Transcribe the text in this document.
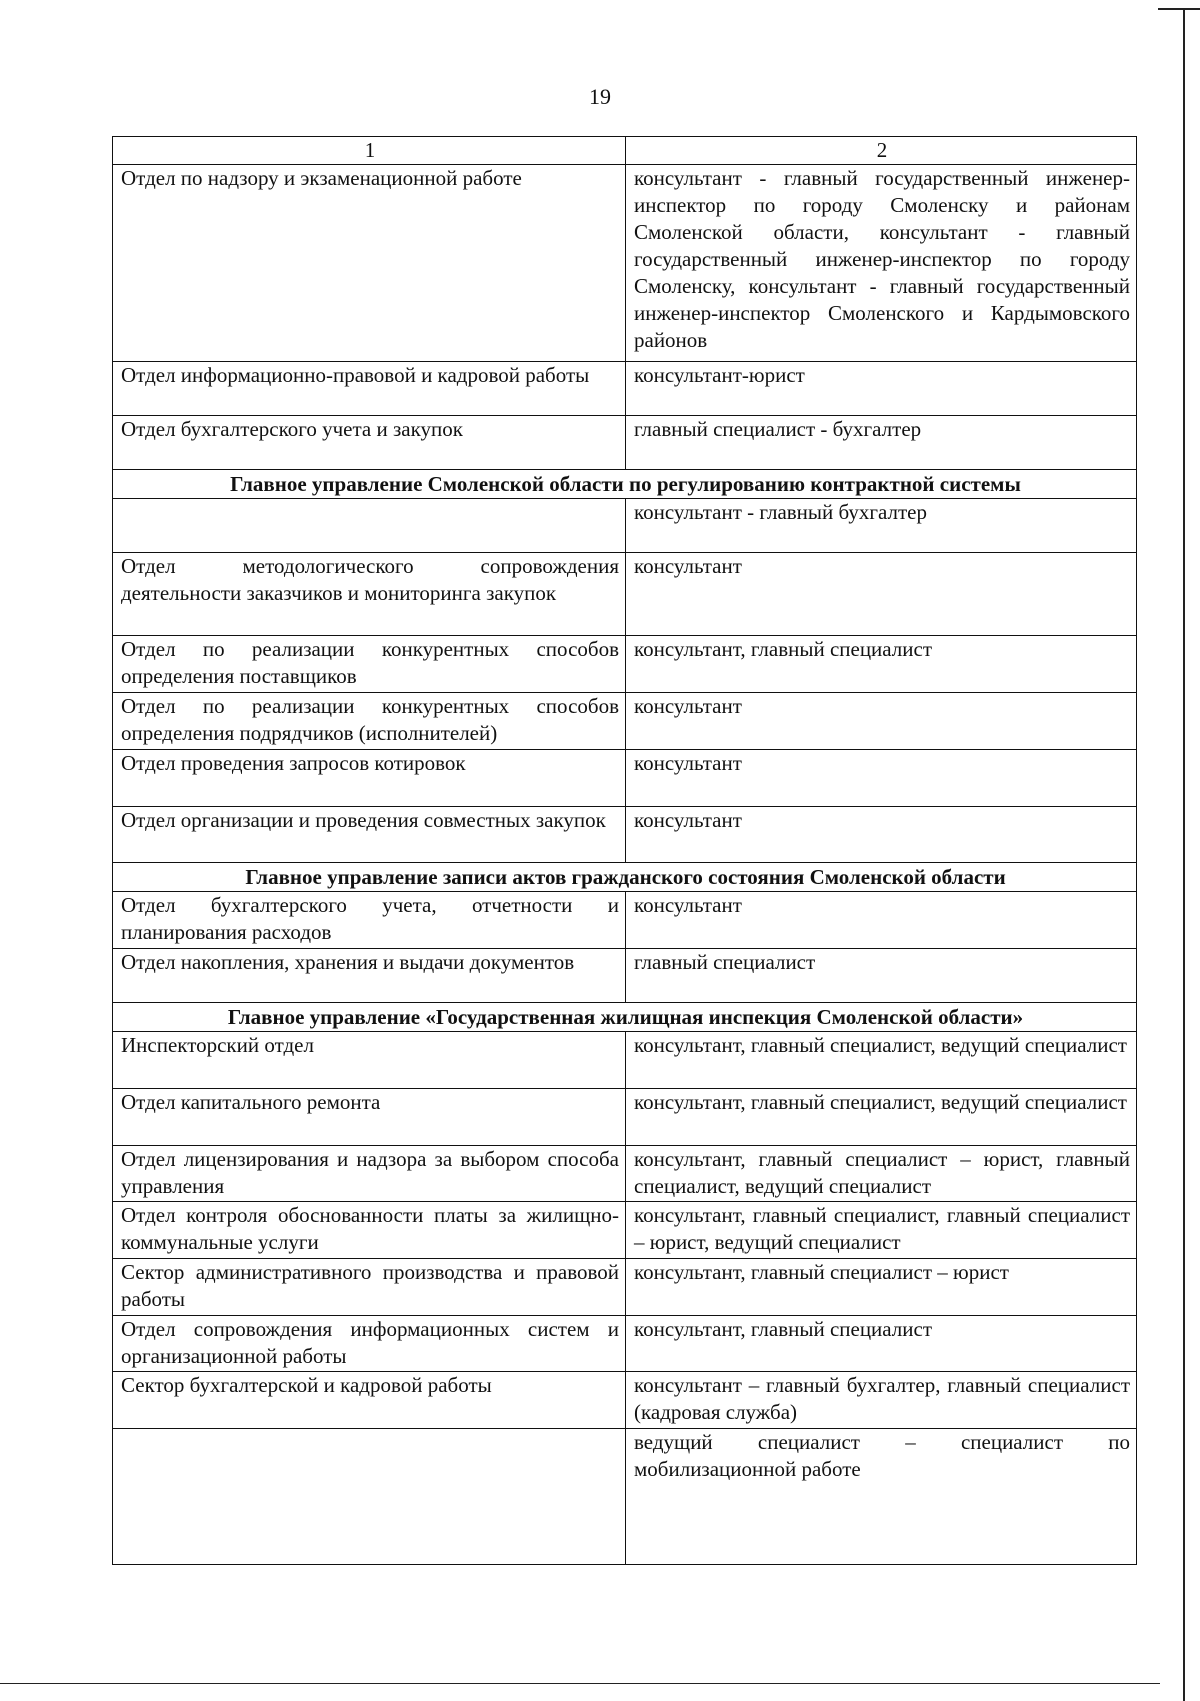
19
1	2
Отдел по надзору и экзаменационной работе	консультант - главный государственный инженер-инспектор по городу Смоленску и районам Смоленской области, консультант - главный государственный инженер-инспектор по городу Смоленску, консультант - главный государственный инженер-инспектор Смоленского и Кардымовского районов
Отдел информационно-правовой и кадровой работы	консультант-юрист
Отдел бухгалтерского учета и закупок	главный специалист - бухгалтер
Главное управление Смоленской области по регулированию контрактной системы	
	консультант - главный бухгалтер
Отдел методологического сопровождения деятельности заказчиков и мониторинга закупок	консультант
Отдел по реализации конкурентных способов определения поставщиков	консультант, главный специалист
Отдел по реализации конкурентных способов определения подрядчиков (исполнителей)	консультант
Отдел проведения запросов котировок	консультант
Отдел организации и проведения совместных закупок	консультант
Главное управление записи актов гражданского состояния Смоленской области	
Отдел бухгалтерского учета, отчетности и планирования расходов	консультант
Отдел накопления, хранения и выдачи документов	главный специалист
Главное управление «Государственная жилищная инспекция Смоленской области»	
Инспекторский отдел	консультант, главный специалист, ведущий специалист
Отдел капитального ремонта	консультант, главный специалист, ведущий специалист
Отдел лицензирования и надзора за выбором способа управления	консультант, главный специалист – юрист, главный специалист, ведущий специалист
Отдел контроля обоснованности платы за жилищно-коммунальные услуги	консультант, главный специалист, главный специалист – юрист, ведущий специалист
Сектор административного производства и правовой работы	консультант, главный специалист – юрист
Отдел сопровождения информационных систем и организационной работы	консультант, главный специалист
Сектор бухгалтерской и кадровой работы	консультант – главный бухгалтер, главный специалист (кадровая служба)
	ведущий специалист – специалист по мобилизационной работе
